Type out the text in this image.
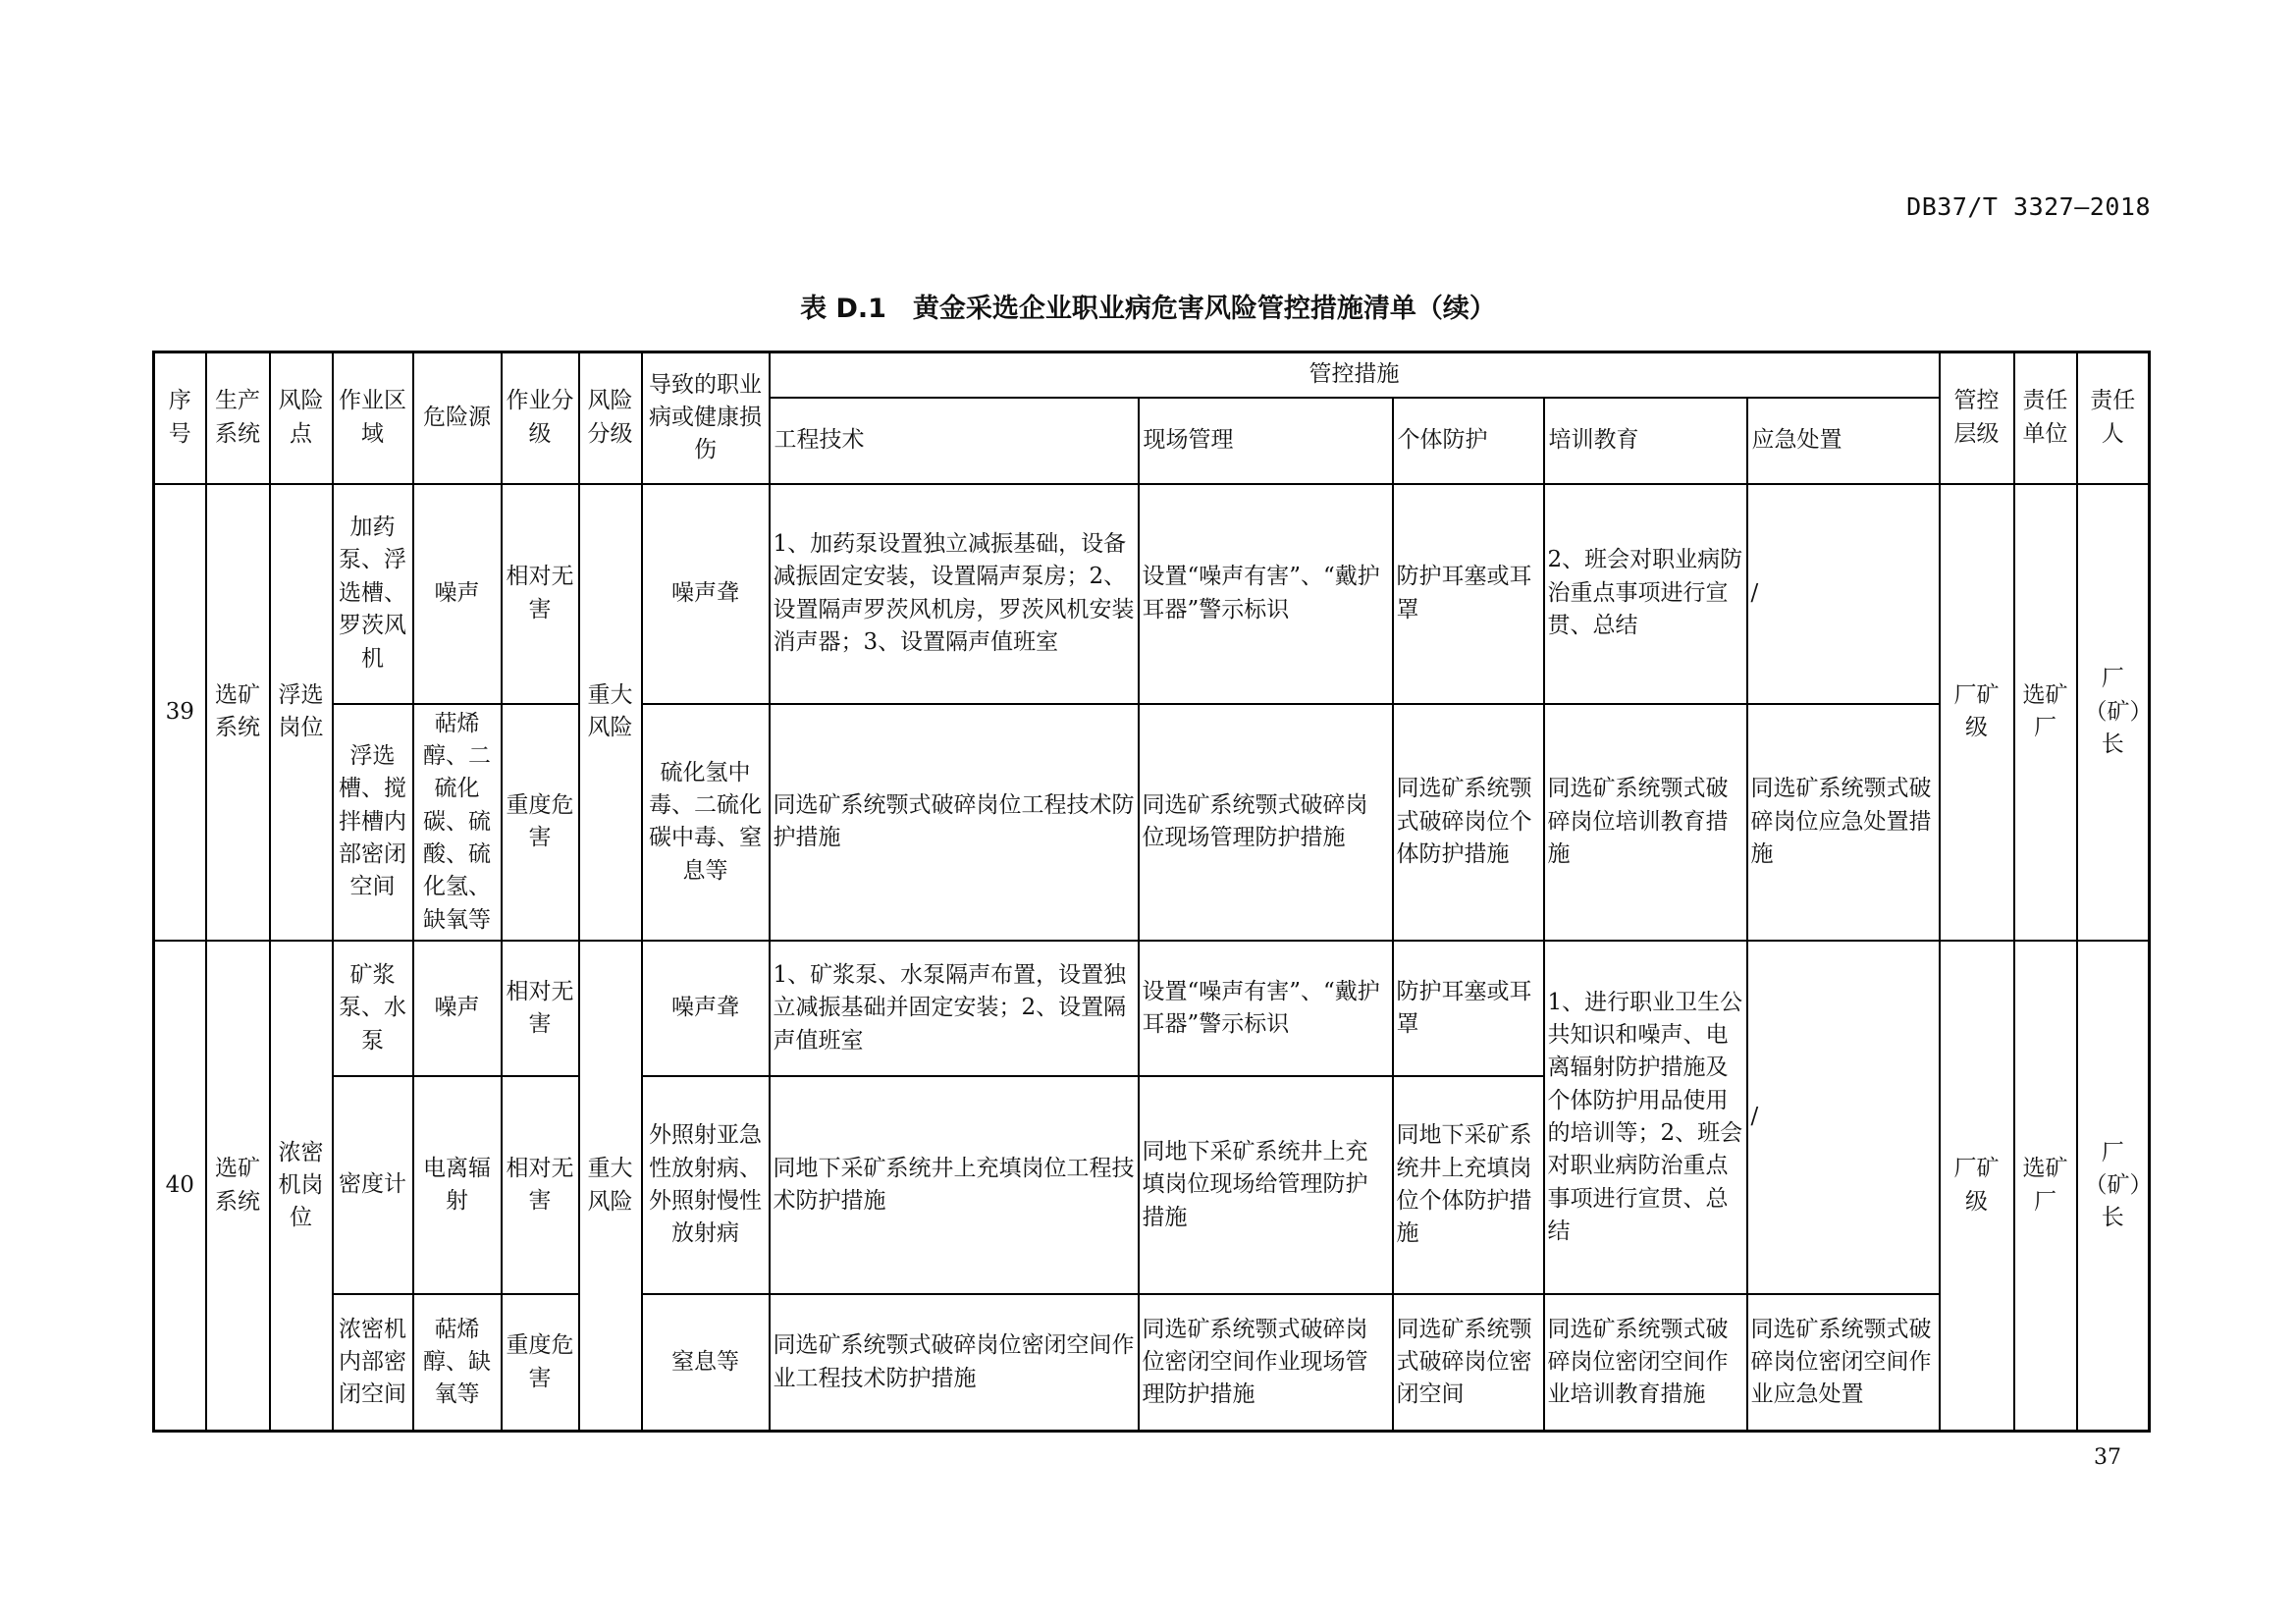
DB37/T 3327—2018
表 D.1　黄金采选企业职业病危害风险管控措施清单（续）
序号	生产系统	风险点	作业区域	危险源	作业分级	风险分级	导致的职业病或健康损伤	管控措施					管控层级	责任单位	责任人
								工程技术	现场管理	个体防护	培训教育	应急处置			
39	选矿系统	浮选岗位	加药泵、浮选槽、罗茨风机	噪声	相对无害	重大风险	噪声聋	1、加药泵设置独立减振基础，设备减振固定安装，设置隔声泵房；2、设置隔声罗茨风机房，罗茨风机安装消声器；3、设置隔声值班室	设置“噪声有害”、“戴护耳器”警示标识	防护耳塞或耳罩	2、班会对职业病防治重点事项进行宣贯、总结	/	厂矿级	选矿厂	厂（矿）长
			浮选槽、搅拌槽内部密闭空间	萜烯醇、二硫化碳、硫酸、硫化氢、缺氧等	重度危害		硫化氢中毒、二硫化碳中毒、窒息等	同选矿系统颚式破碎岗位工程技术防护措施	同选矿系统颚式破碎岗位现场管理防护措施	同选矿系统颚式破碎岗位个体防护措施	同选矿系统颚式破碎岗位培训教育措施	同选矿系统颚式破碎岗位应急处置措施			
40	选矿系统	浓密机岗位	矿浆泵、水泵	噪声	相对无害	重大风险	噪声聋	1、矿浆泵、水泵隔声布置，设置独立减振基础并固定安装；2、设置隔声值班室	设置“噪声有害”、“戴护耳器”警示标识	防护耳塞或耳罩	1、进行职业卫生公共知识和噪声、电离辐射防护措施及个体防护用品使用的培训等；2、班会对职业病防治重点事项进行宣贯、总结	/	厂矿级	选矿厂	厂（矿）长
			密度计	电离辐射	相对无害		外照射亚急性放射病、外照射慢性放射病	同地下采矿系统井上充填岗位工程技术防护措施	同地下采矿系统井上充填岗位现场给管理防护措施	同地下采矿系统井上充填岗位个体防护措施					
			浓密机内部密闭空间	萜烯醇、缺氧等	重度危害		窒息等	同选矿系统颚式破碎岗位密闭空间作业工程技术防护措施	同选矿系统颚式破碎岗位密闭空间作业现场管理防护措施	同选矿系统颚式破碎岗位密闭空间	同选矿系统颚式破碎岗位密闭空间作业培训教育措施	同选矿系统颚式破碎岗位密闭空间作业应急处置			
37
